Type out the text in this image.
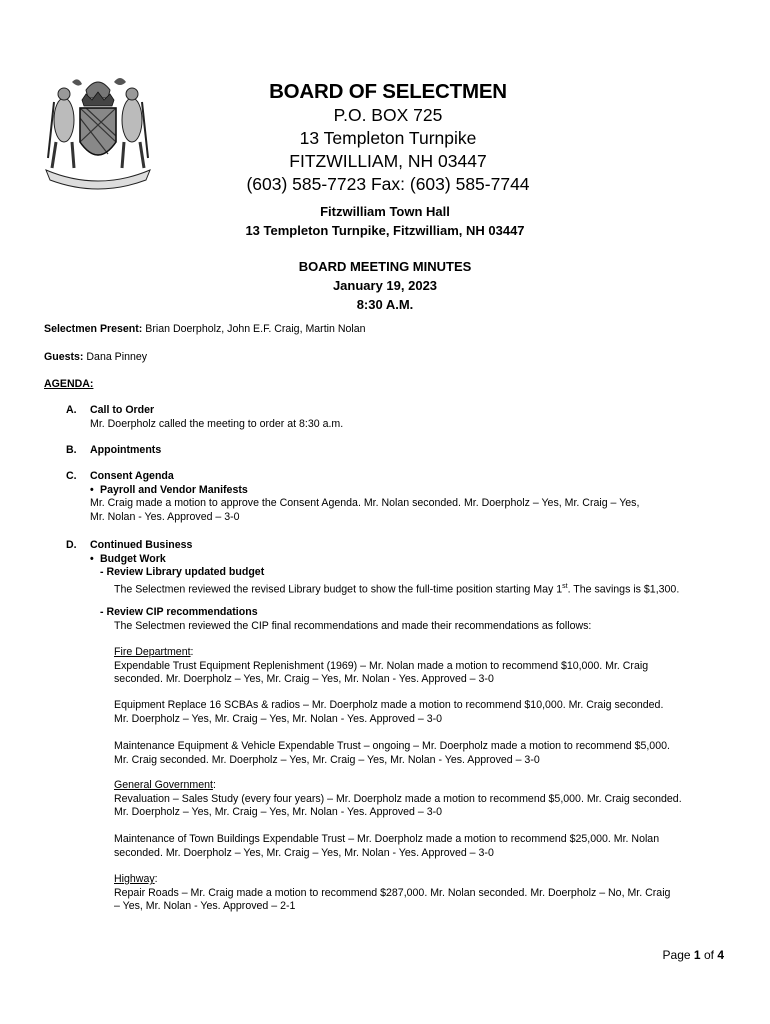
BOARD OF SELECTMEN
P.O. BOX 725
13 Templeton Turnpike
FITZWILLIAM, NH 03447
(603) 585-7723 Fax: (603) 585-7744
Fitzwilliam Town Hall
13 Templeton Turnpike, Fitzwilliam, NH 03447
BOARD MEETING MINUTES
January 19, 2023
8:30 A.M.
Selectmen Present: Brian Doerpholz, John E.F. Craig, Martin Nolan
Guests: Dana Pinney
AGENDA:
A. Call to Order
Mr. Doerpholz called the meeting to order at 8:30 a.m.
B. Appointments
C. Consent Agenda
• Payroll and Vendor Manifests
Mr. Craig made a motion to approve the Consent Agenda. Mr. Nolan seconded. Mr. Doerpholz – Yes, Mr. Craig – Yes,
Mr. Nolan - Yes. Approved – 3-0
D. Continued Business
• Budget Work
- Review Library updated budget
The Selectmen reviewed the revised Library budget to show the full-time position starting May 1st. The savings is $1,300.
- Review CIP recommendations
The Selectmen reviewed the CIP final recommendations and made their recommendations as follows:
Fire Department:
Expendable Trust Equipment Replenishment (1969) – Mr. Nolan made a motion to recommend $10,000. Mr. Craig
seconded. Mr. Doerpholz – Yes, Mr. Craig – Yes, Mr. Nolan - Yes. Approved – 3-0
Equipment Replace 16 SCBAs & radios – Mr. Doerpholz made a motion to recommend $10,000. Mr. Craig seconded.
Mr. Doerpholz – Yes, Mr. Craig – Yes, Mr. Nolan - Yes. Approved – 3-0
Maintenance Equipment & Vehicle Expendable Trust – ongoing – Mr. Doerpholz made a motion to recommend $5,000.
Mr. Craig seconded. Mr. Doerpholz – Yes, Mr. Craig – Yes, Mr. Nolan - Yes. Approved – 3-0
General Government:
Revaluation – Sales Study (every four years) – Mr. Doerpholz made a motion to recommend $5,000. Mr. Craig seconded.
Mr. Doerpholz – Yes, Mr. Craig – Yes, Mr. Nolan - Yes. Approved – 3-0
Maintenance of Town Buildings Expendable Trust – Mr. Doerpholz made a motion to recommend $25,000. Mr. Nolan
seconded. Mr. Doerpholz – Yes, Mr. Craig – Yes, Mr. Nolan - Yes. Approved – 3-0
Highway:
Repair Roads – Mr. Craig made a motion to recommend $287,000. Mr. Nolan seconded. Mr. Doerpholz – No, Mr. Craig
– Yes, Mr. Nolan - Yes. Approved – 2-1
Page 1 of 4
